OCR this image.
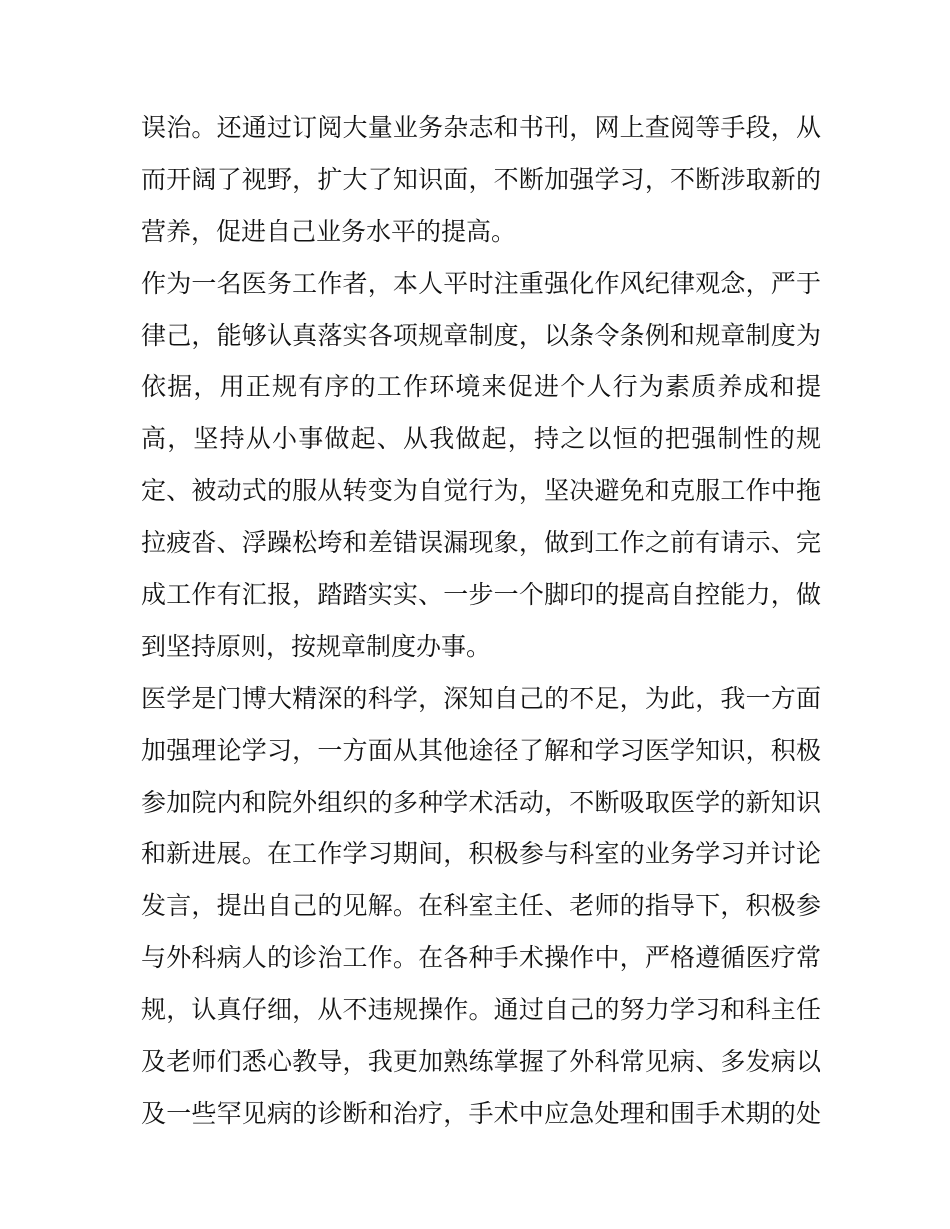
误治。还通过订阅大量业务杂志和书刊，网上查阅等手段，从
而开阔了视野，扩大了知识面，不断加强学习，不断涉取新的
营养，促进自己业务水平的提高。
作为一名医务工作者，本人平时注重强化作风纪律观念，严于
律己，能够认真落实各项规章制度，以条令条例和规章制度为
依据，用正规有序的工作环境来促进个人行为素质养成和提
高，坚持从小事做起、从我做起，持之以恒的把强制性的规
定、被动式的服从转变为自觉行为，坚决避免和克服工作中拖
拉疲沓、浮躁松垮和差错误漏现象，做到工作之前有请示、完
成工作有汇报，踏踏实实、一步一个脚印的提高自控能力，做
到坚持原则，按规章制度办事。
医学是门博大精深的科学，深知自己的不足，为此，我一方面
加强理论学习，一方面从其他途径了解和学习医学知识，积极
参加院内和院外组织的多种学术活动，不断吸取医学的新知识
和新进展。在工作学习期间，积极参与科室的业务学习并讨论
发言，提出自己的见解。在科室主任、老师的指导下，积极参
与外科病人的诊治工作。在各种手术操作中，严格遵循医疗常
规，认真仔细，从不违规操作。通过自己的努力学习和科主任
及老师们悉心教导，我更加熟练掌握了外科常见病、多发病以
及一些罕见病的诊断和治疗，手术中应急处理和围手术期的处
